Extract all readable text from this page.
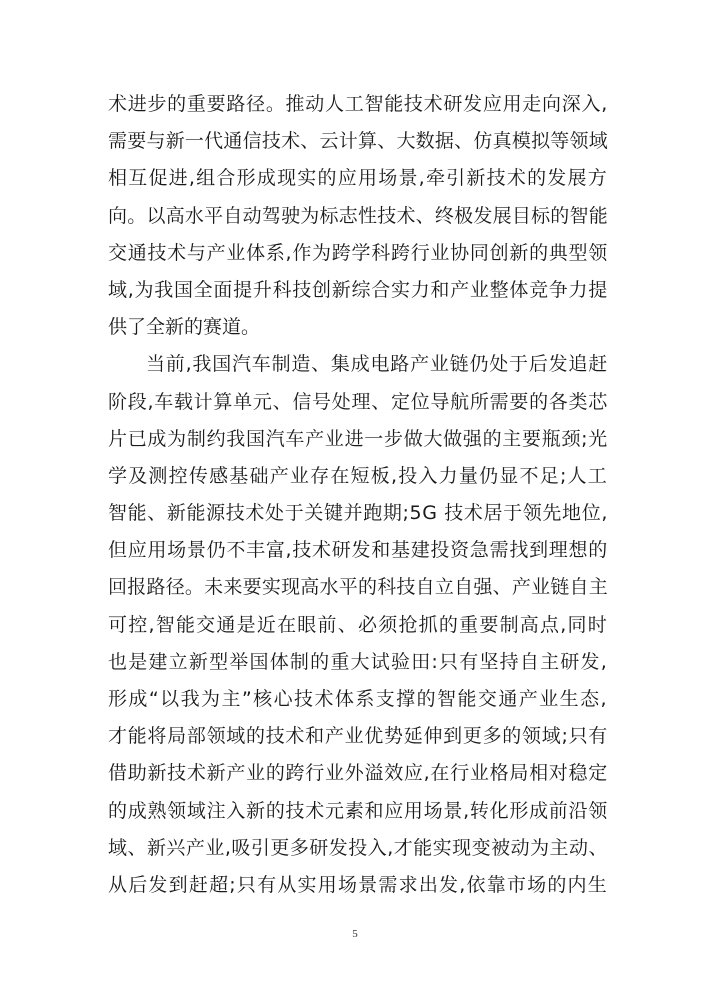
术进步的重要路径。推动人工智能技术研发应用走向深入,
需要与新一代通信技术、云计算、大数据、仿真模拟等领域
相互促进,组合形成现实的应用场景,牵引新技术的发展方
向。以高水平自动驾驶为标志性技术、终极发展目标的智能
交通技术与产业体系,作为跨学科跨行业协同创新的典型领
域,为我国全面提升科技创新综合实力和产业整体竞争力提
供了全新的赛道。
当前,我国汽车制造、集成电路产业链仍处于后发追赶
阶段,车载计算单元、信号处理、定位导航所需要的各类芯
片已成为制约我国汽车产业进一步做大做强的主要瓶颈;光
学及测控传感基础产业存在短板,投入力量仍显不足;人工
智能、新能源技术处于关键并跑期;5G 技术居于领先地位,
但应用场景仍不丰富,技术研发和基建投资急需找到理想的
回报路径。未来要实现高水平的科技自立自强、产业链自主
可控,智能交通是近在眼前、必须抢抓的重要制高点,同时
也是建立新型举国体制的重大试验田:只有坚持自主研发,
形成“以我为主”核心技术体系支撑的智能交通产业生态,
才能将局部领域的技术和产业优势延伸到更多的领域;只有
借助新技术新产业的跨行业外溢效应,在行业格局相对稳定
的成熟领域注入新的技术元素和应用场景,转化形成前沿领
域、新兴产业,吸引更多研发投入,才能实现变被动为主动、
从后发到赶超;只有从实用场景需求出发,依靠市场的内生
5
